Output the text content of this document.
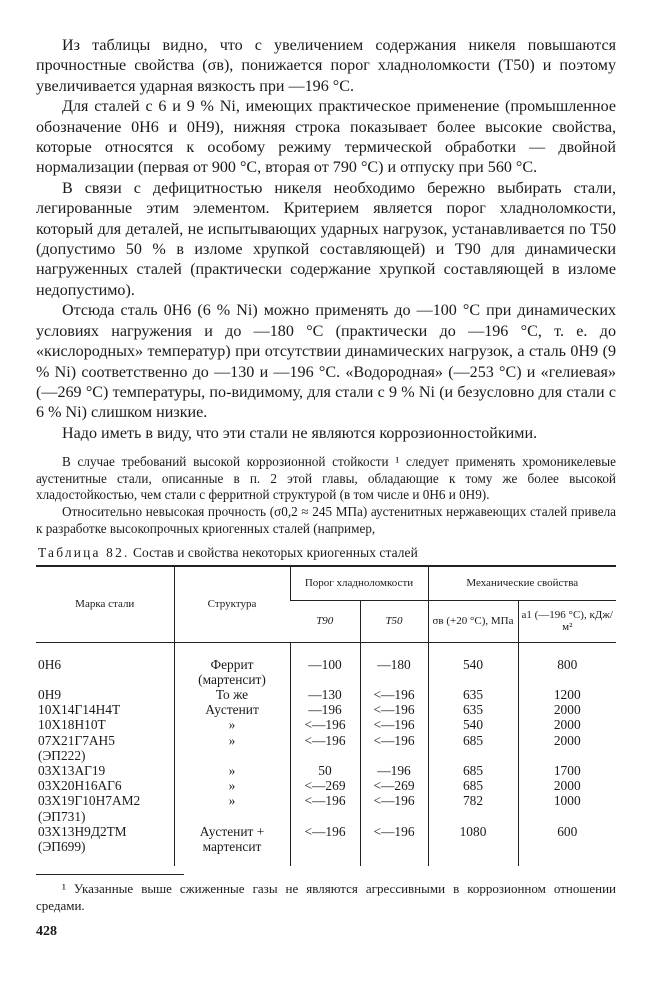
Из таблицы видно, что с увеличением содержания никеля повышаются прочностные свойства (σв), понижается порог хладноломкости (T50) и поэтому увеличивается ударная вязкость при —196 °С.

Для сталей с 6 и 9 % Ni, имеющих практическое применение (промышленное обозначение 0Н6 и 0Н9), нижняя строка показывает более высокие свойства, которые относятся к особому режиму термической обработки — двойной нормализации (первая от 900 °С, вторая от 790 °С) и отпуску при 560 °С.

В связи с дефицитностью никеля необходимо бережно выбирать стали, легированные этим элементом. Критерием является порог хладноломкости, который для деталей, не испытывающих ударных нагрузок, устанавливается по T50 (допустимо 50 % в изломе хрупкой составляющей) и T90 для динамически нагруженных сталей (практически содержание хрупкой составляющей в изломе недопустимо).

Отсюда сталь 0Н6 (6 % Ni) можно применять до —100 °С при динамических условиях нагружения и до —180 °С (практически до —196 °С, т. е. до «кислородных» температур) при отсутствии динамических нагрузок, а сталь 0Н9 (9 % Ni) соответственно до —130 и —196 °С. «Водородная» (—253 °С) и «гелиевая» (—269 °С) температуры, по-видимому, для стали с 9 % Ni (и безусловно для стали с 6 % Ni) слишком низкие.

Надо иметь в виду, что эти стали не являются коррозионностойкими.

В случае требований высокой коррозионной стойкости ¹ следует применять хромоникелевые аустенитные стали, описанные в п. 2 этой главы, обладающие к тому же более высокой хладостойкостью, чем стали с ферритной структурой (в том числе и 0Н6 и 0Н9).

Относительно невысокая прочность (σ0,2 ≈ 245 МПа) аустенитных нержавеющих сталей привела к разработке высокопрочных криогенных сталей (например,

Таблица 82. Состав и свойства некоторых криогенных сталей
Марка стали	Структура	Порог хладноломкости		Механические свойства	
		T90	T50	σв (+20 °С), МПа	a1 (—196 °С), кДж/м²

0Н6	Феррит	—100	—180	540	800
	(мартенсит)				
0Н9	То же	—130	<—196	635	1200
10Х14Г14Н4Т	Аустенит	—196	<—196	635	2000
10Х18Н10Т	»	<—196	<—196	540	2000
07Х21Г7АН5	»	<—196	<—196	685	2000
(ЭП222)					
03Х13АГ19	»	50	—196	685	1700
03Х20Н16АГ6	»	<—269	<—269	685	2000
03Х19Г10Н7АМ2	»	<—196	<—196	782	1000
(ЭП731)					
03Х13Н9Д2ТМ	Аустенит +	<—196	<—196	1080	600
(ЭП699)	мартенсит				

¹ Указанные выше сжиженные газы не являются агрессивными в коррозионном отношении средами.

428
